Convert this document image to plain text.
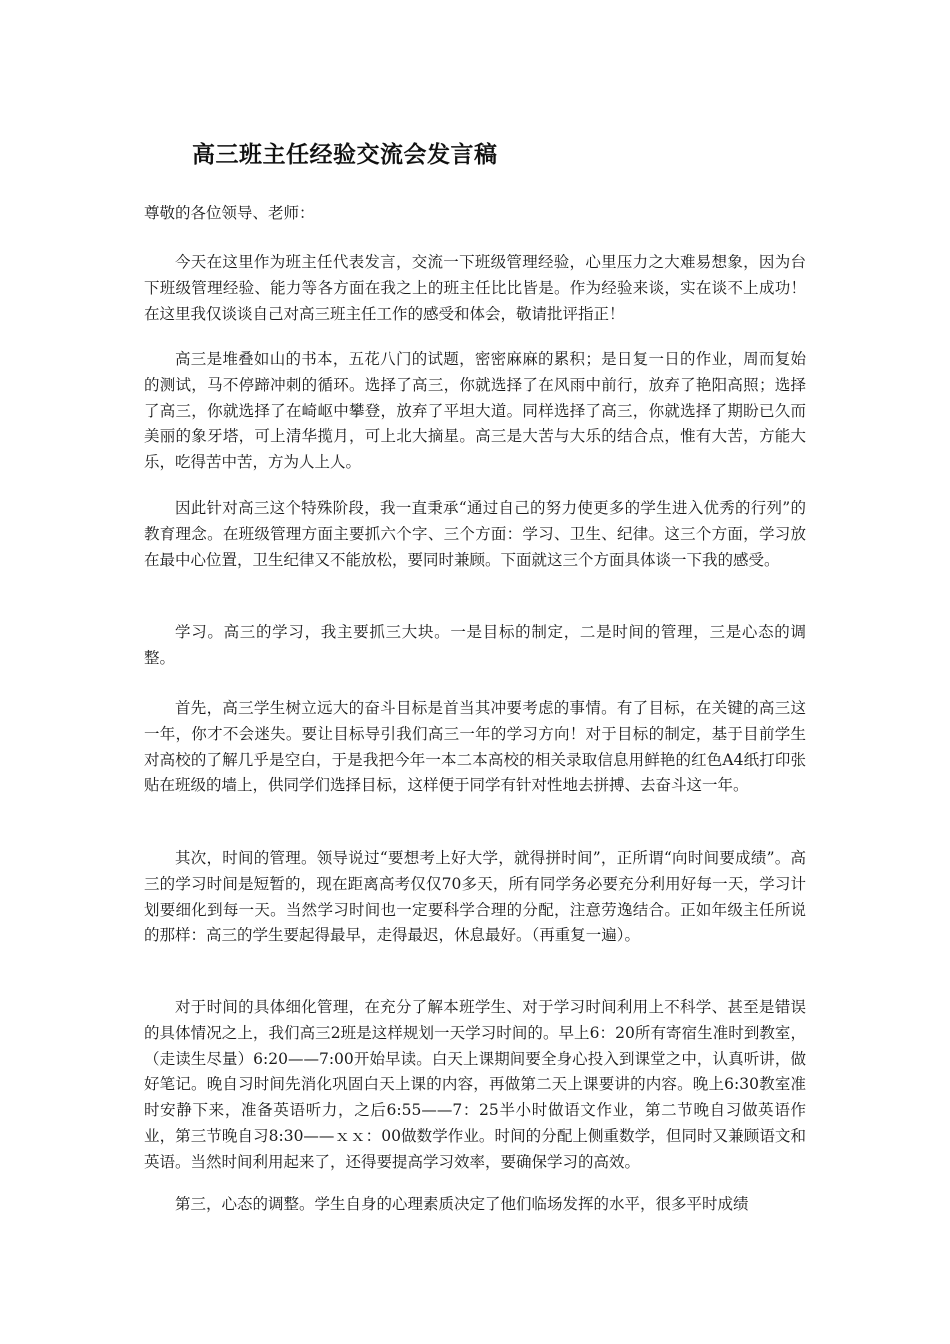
高三班主任经验交流会发言稿

尊敬的各位领导、老师：

今天在这里作为班主任代表发言，交流一下班级管理经验，心里压力之大难易想象，因为台下班级管理经验、能力等各方面在我之上的班主任比比皆是。作为经验来谈，实在谈不上成功！在这里我仅谈谈自己对高三班主任工作的感受和体会，敬请批评指正！

高三是堆叠如山的书本，五花八门的试题，密密麻麻的累积；是日复一日的作业，周而复始的测试，马不停蹄冲刺的循环。选择了高三，你就选择了在风雨中前行，放弃了艳阳高照；选择了高三，你就选择了在崎岖中攀登，放弃了平坦大道。同样选择了高三，你就选择了期盼已久而美丽的象牙塔，可上清华揽月，可上北大摘星。高三是大苦与大乐的结合点，惟有大苦，方能大乐，吃得苦中苦，方为人上人。

因此针对高三这个特殊阶段，我一直秉承“通过自己的努力使更多的学生进入优秀的行列”的教育理念。在班级管理方面主要抓六个字、三个方面：学习、卫生、纪律。这三个方面，学习放在最中心位置，卫生纪律又不能放松，要同时兼顾。下面就这三个方面具体谈一下我的感受。

学习。高三的学习，我主要抓三大块。一是目标的制定，二是时间的管理，三是心态的调整。

首先，高三学生树立远大的奋斗目标是首当其冲要考虑的事情。有了目标，在关键的高三这一年，你才不会迷失。要让目标导引我们高三一年的学习方向！对于目标的制定，基于目前学生对高校的了解几乎是空白，于是我把今年一本二本高校的相关录取信息用鲜艳的红色A4纸打印张贴在班级的墙上，供同学们选择目标，这样便于同学有针对性地去拼搏、去奋斗这一年。

其次，时间的管理。领导说过“要想考上好大学，就得拼时间”，正所谓“向时间要成绩”。高三的学习时间是短暂的，现在距离高考仅仅70多天，所有同学务必要充分利用好每一天，学习计划要细化到每一天。当然学习时间也一定要科学合理的分配，注意劳逸结合。正如年级主任所说的那样：高三的学生要起得最早，走得最迟，休息最好。（再重复一遍）。

对于时间的具体细化管理，在充分了解本班学生、对于学习时间利用上不科学、甚至是错误的具体情况之上，我们高三2班是这样规划一天学习时间的。早上6：20所有寄宿生准时到教室，（走读生尽量）6:20——7:00开始早读。白天上课期间要全身心投入到课堂之中，认真听讲，做好笔记。晚自习时间先消化巩固白天上课的内容，再做第二天上课要讲的内容。晚上6:30教室准时安静下来，准备英语听力，之后6:55——7：25半小时做语文作业，第二节晚自习做英语作业，第三节晚自习8:30——ｘｘ：00做数学作业。时间的分配上侧重数学，但同时又兼顾语文和英语。当然时间利用起来了，还得要提高学习效率，要确保学习的高效。

第三，心态的调整。学生自身的心理素质决定了他们临场发挥的水平，很多平时成绩
